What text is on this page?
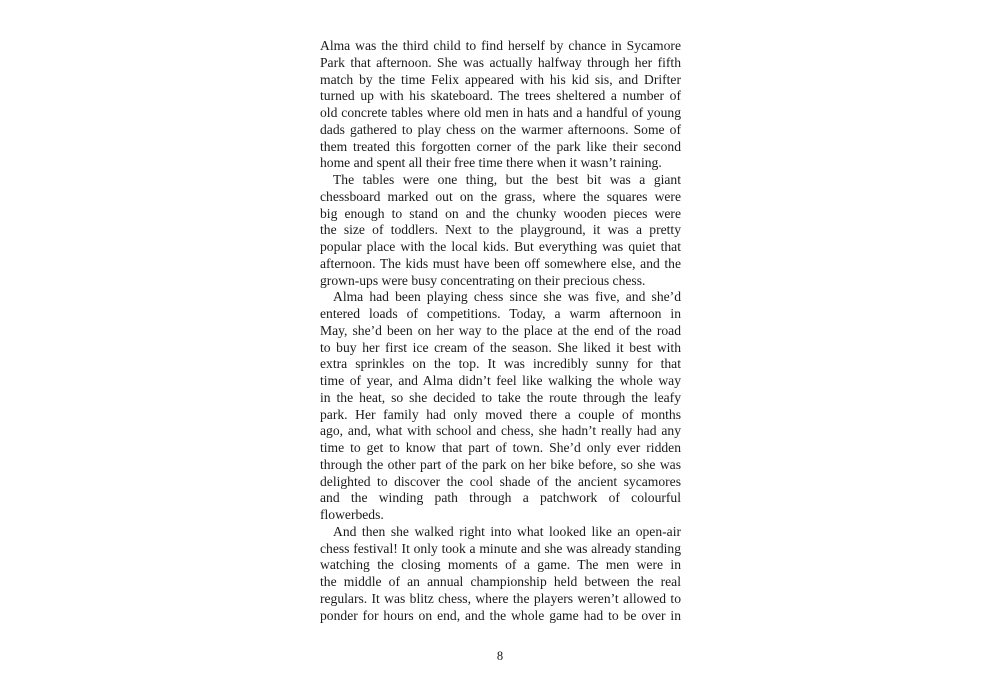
Alma was the third child to find herself by chance in Sycamore
Park that afternoon. She was actually halfway through her fifth
match by the time Felix appeared with his kid sis, and Drifter
turned up with his skateboard. The trees sheltered a number of
old concrete tables where old men in hats and a handful of young
dads gathered to play chess on the warmer afternoons. Some of
them treated this forgotten corner of the park like their second
home and spent all their free time there when it wasn’t raining.
The tables were one thing, but the best bit was a giant
chessboard marked out on the grass, where the squares were
big enough to stand on and the chunky wooden pieces were
the size of toddlers. Next to the playground, it was a pretty
popular place with the local kids. But everything was quiet that
afternoon. The kids must have been off somewhere else, and the
grown-ups were busy concentrating on their precious chess.
Alma had been playing chess since she was five, and she’d
entered loads of competitions. Today, a warm afternoon in
May, she’d been on her way to the place at the end of the road
to buy her first ice cream of the season. She liked it best with
extra sprinkles on the top. It was incredibly sunny for that
time of year, and Alma didn’t feel like walking the whole way
in the heat, so she decided to take the route through the leafy
park. Her family had only moved there a couple of months
ago, and, what with school and chess, she hadn’t really had any
time to get to know that part of town. She’d only ever ridden
through the other part of the park on her bike before, so she was
delighted to discover the cool shade of the ancient sycamores
and the winding path through a patchwork of colourful
flowerbeds.
And then she walked right into what looked like an open-air
chess festival! It only took a minute and she was already standing
watching the closing moments of a game. The men were in
the middle of an annual championship held between the real
regulars. It was blitz chess, where the players weren’t allowed to
ponder for hours on end, and the whole game had to be over in
8
